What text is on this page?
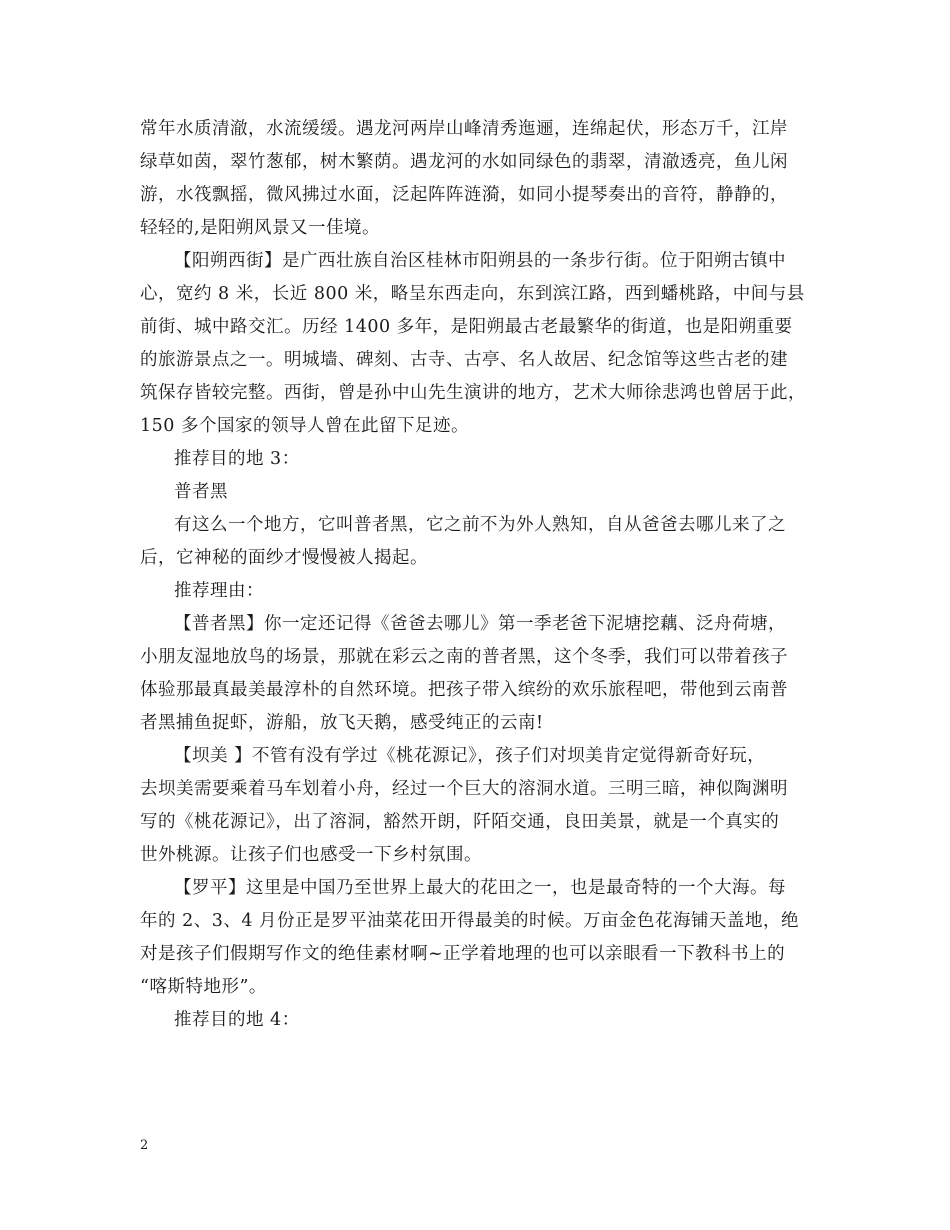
常年水质清澈，水流缓缓。遇龙河两岸山峰清秀迤逦，连绵起伏，形态万千，江岸
绿草如茵，翠竹葱郁，树木繁荫。遇龙河的水如同绿色的翡翠，清澈透亮，鱼儿闲
游，水筏飘摇，微风拂过水面，泛起阵阵涟漪，如同小提琴奏出的音符，静静的，
轻轻的,是阳朔风景又一佳境。
【阳朔西街】是广西壮族自治区桂林市阳朔县的一条步行街。位于阳朔古镇中
心，宽约 8 米，长近 800 米，略呈东西走向，东到滨江路，西到蟠桃路，中间与县
前街、城中路交汇。历经 1400 多年，是阳朔最古老最繁华的街道，也是阳朔重要
的旅游景点之一。明城墙、碑刻、古寺、古亭、名人故居、纪念馆等这些古老的建
筑保存皆较完整。西街，曾是孙中山先生演讲的地方，艺术大师徐悲鸿也曾居于此，
150 多个国家的领导人曾在此留下足迹。
推荐目的地 3：
普者黑
有这么一个地方，它叫普者黑，它之前不为外人熟知，自从爸爸去哪儿来了之
后，它神秘的面纱才慢慢被人揭起。
推荐理由：
【普者黑】你一定还记得《爸爸去哪儿》第一季老爸下泥塘挖藕、泛舟荷塘，
小朋友湿地放鸟的场景，那就在彩云之南的普者黑，这个冬季，我们可以带着孩子
体验那最真最美最淳朴的自然环境。把孩子带入缤纷的欢乐旅程吧，带他到云南普
者黑捕鱼捉虾，游船，放飞天鹅，感受纯正的云南!
【坝美 】不管有没有学过《桃花源记》，孩子们对坝美肯定觉得新奇好玩，
去坝美需要乘着马车划着小舟，经过一个巨大的溶洞水道。三明三暗，神似陶渊明
写的《桃花源记》，出了溶洞，豁然开朗，阡陌交通，良田美景，就是一个真实的
世外桃源。让孩子们也感受一下乡村氛围。
【罗平】这里是中国乃至世界上最大的花田之一，也是最奇特的一个大海。每
年的 2、3、4 月份正是罗平油菜花田开得最美的时候。万亩金色花海铺天盖地，绝
对是孩子们假期写作文的绝佳素材啊~正学着地理的也可以亲眼看一下教科书上的
“喀斯特地形”。
推荐目的地 4：
2
